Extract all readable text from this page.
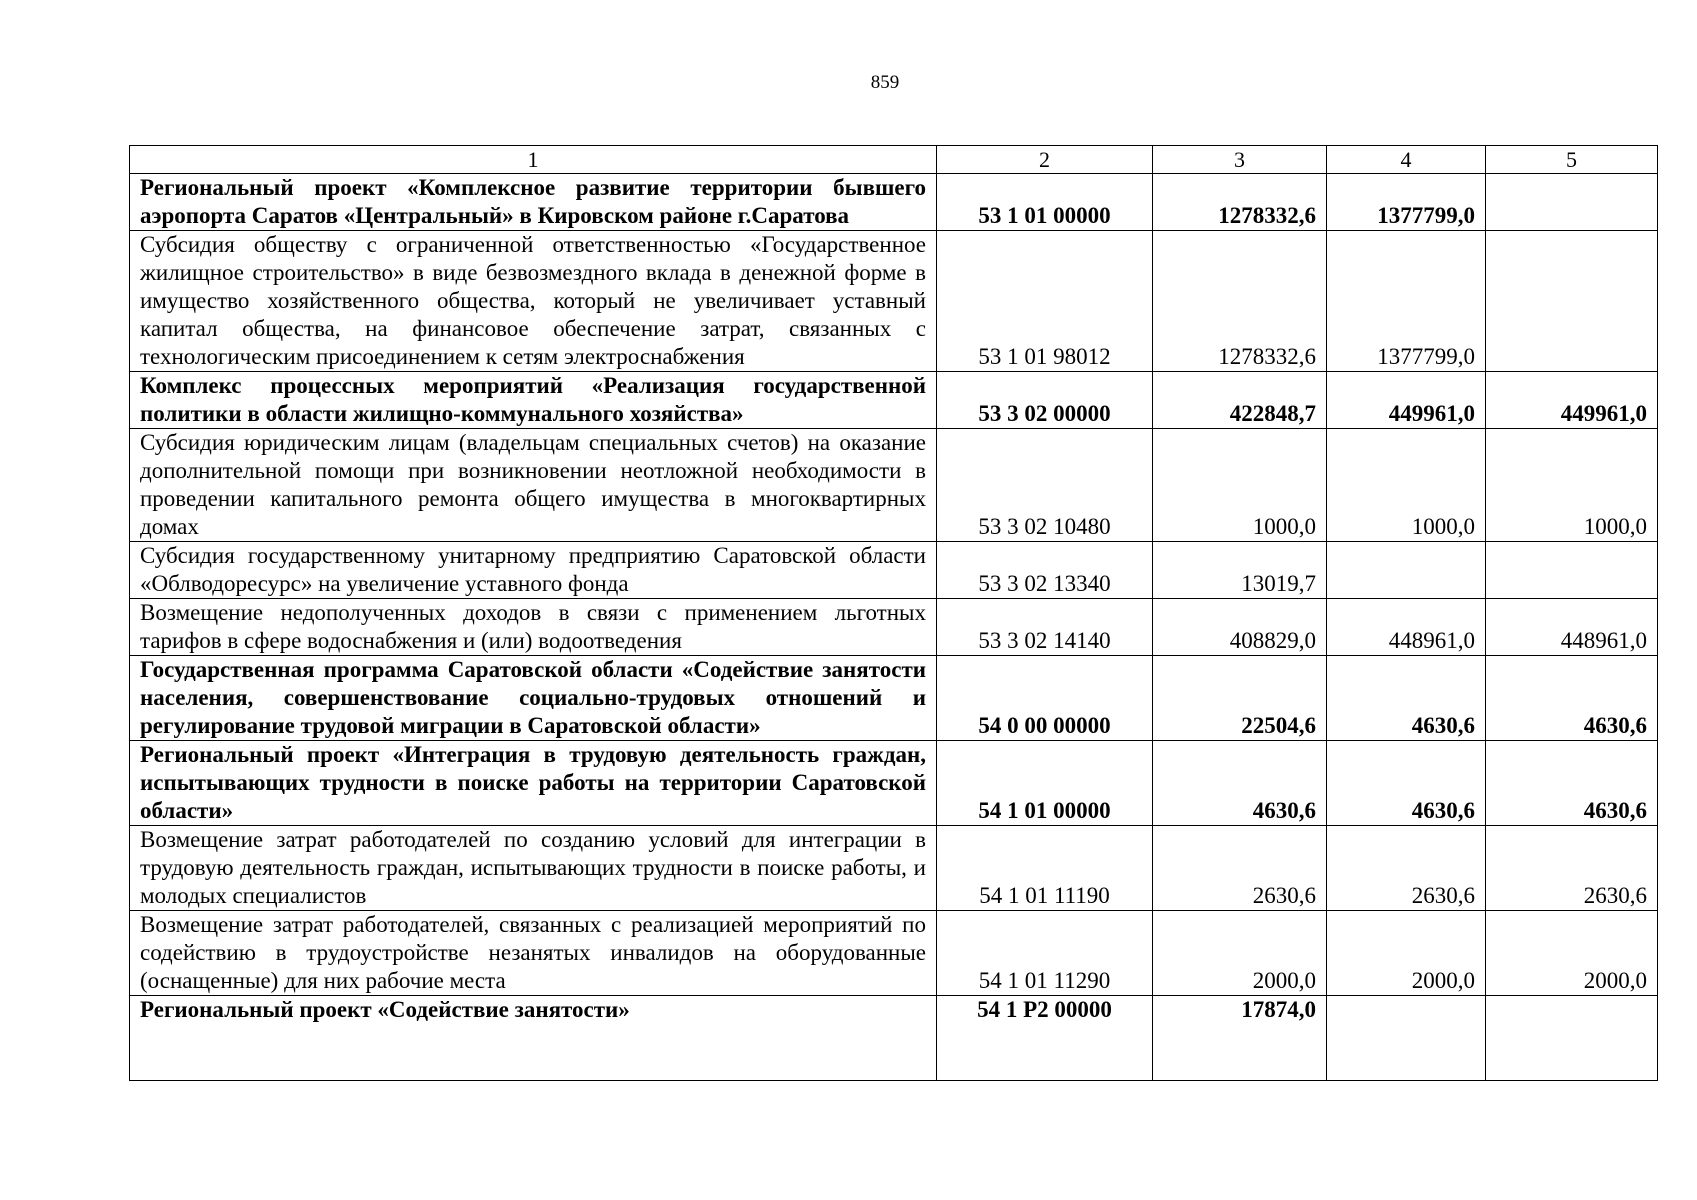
859
1	2	3	4	5
Региональный проект «Комплексное развитие территории бывшего аэропорта Саратов «Центральный» в Кировском районе г.Саратова	53 1 01 00000	1278332,6	1377799,0	
Субсидия обществу с ограниченной ответственностью «Государственное жилищное строительство» в виде безвозмездного вклада в денежной форме в имущество хозяйственного общества, который не увеличивает уставный капитал общества, на финансовое обеспечение затрат, связанных с технологическим присоединением к сетям электроснабжения	53 1 01 98012	1278332,6	1377799,0	
Комплекс процессных мероприятий «Реализация государственной политики в области жилищно-коммунального хозяйства»	53 3 02 00000	422848,7	449961,0	449961,0
Субсидия юридическим лицам (владельцам специальных счетов) на оказание дополнительной помощи при возникновении неотложной необходимости в проведении капитального ремонта общего имущества в многоквартирных домах	53 3 02 10480	1000,0	1000,0	1000,0
Субсидия государственному унитарному предприятию Саратовской области «Облводоресурс» на увеличение уставного фонда	53 3 02 13340	13019,7		
Возмещение недополученных доходов в связи с применением льготных тарифов в сфере водоснабжения и (или) водоотведения	53 3 02 14140	408829,0	448961,0	448961,0
Государственная программа Саратовской области «Содействие занятости населения, совершенствование социально-трудовых отношений и регулирование трудовой миграции в Саратовской области»	54 0 00 00000	22504,6	4630,6	4630,6
Региональный проект «Интеграция в трудовую деятельность граждан, испытывающих трудности в поиске работы на территории Саратовской области»	54 1 01 00000	4630,6	4630,6	4630,6
Возмещение затрат работодателей по созданию условий для интеграции в трудовую деятельность граждан, испытывающих трудности в поиске работы, и молодых специалистов	54 1 01 11190	2630,6	2630,6	2630,6
Возмещение затрат работодателей, связанных с реализацией мероприятий по содействию в трудоустройстве незанятых инвалидов на оборудованные (оснащенные) для них рабочие места	54 1 01 11290	2000,0	2000,0	2000,0
Региональный проект «Содействие занятости»	54 1 P2 00000	17874,0		
